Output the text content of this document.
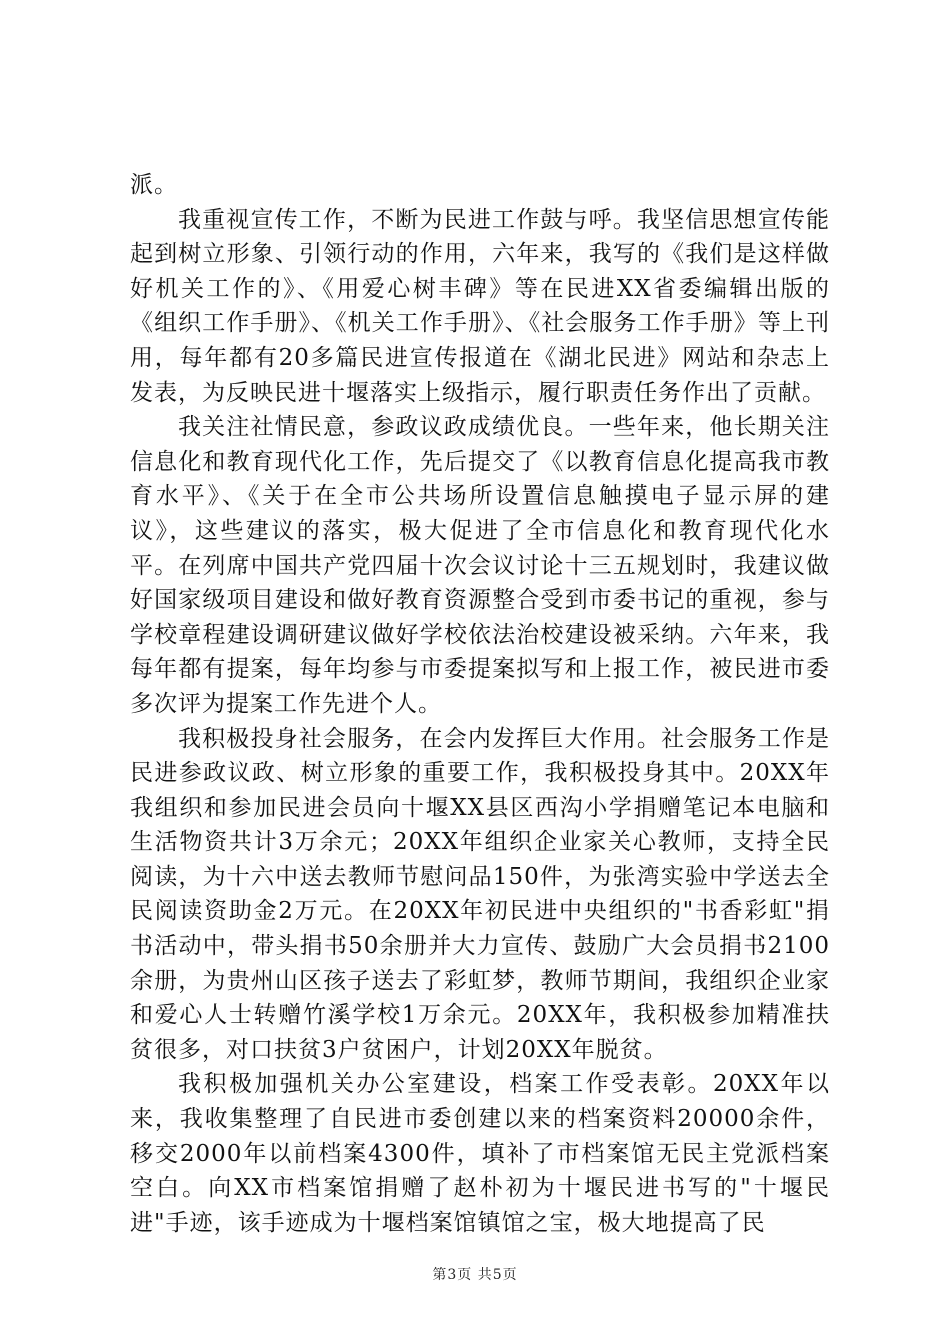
派。

我重视宣传工作，不断为民进工作鼓与呼。我坚信思想宣传能起到树立形象、引领行动的作用，六年来，我写的《我们是这样做好机关工作的》、《用爱心树丰碑》等在民进XX省委编辑出版的《组织工作手册》、《机关工作手册》、《社会服务工作手册》等上刊用，每年都有20多篇民进宣传报道在《湖北民进》网站和杂志上发表，为反映民进十堰落实上级指示，履行职责任务作出了贡献。

我关注社情民意，参政议政成绩优良。一些年来，他长期关注信息化和教育现代化工作，先后提交了《以教育信息化提高我市教育水平》、《关于在全市公共场所设置信息触摸电子显示屏的建议》，这些建议的落实，极大促进了全市信息化和教育现代化水平。在列席中国共产党四届十次会议讨论十三五规划时，我建议做好国家级项目建设和做好教育资源整合受到市委书记的重视，参与学校章程建设调研建议做好学校依法治校建设被采纳。六年来，我每年都有提案，每年均参与市委提案拟写和上报工作，被民进市委多次评为提案工作先进个人。

我积极投身社会服务，在会内发挥巨大作用。社会服务工作是民进参政议政、树立形象的重要工作，我积极投身其中。20XX年我组织和参加民进会员向十堰XX县区西沟小学捐赠笔记本电脑和生活物资共计3万余元；20XX年组织企业家关心教师，支持全民阅读，为十六中送去教师节慰问品150件，为张湾实验中学送去全民阅读资助金2万元。在20XX年初民进中央组织的"书香彩虹"捐书活动中，带头捐书50余册并大力宣传、鼓励广大会员捐书2100余册，为贵州山区孩子送去了彩虹梦，教师节期间，我组织企业家和爱心人士转赠竹溪学校1万余元。20XX年，我积极参加精准扶贫很多，对口扶贫3户贫困户，计划20XX年脱贫。

我积极加强机关办公室建设，档案工作受表彰。20XX年以来，我收集整理了自民进市委创建以来的档案资料20000余件，移交2000年以前档案4300件，填补了市档案馆无民主党派档案空白。向XX市档案馆捐赠了赵朴初为十堰民进书写的"十堰民进"手迹，该手迹成为十堰档案馆镇馆之宝，极大地提高了民

第3页 共5页
